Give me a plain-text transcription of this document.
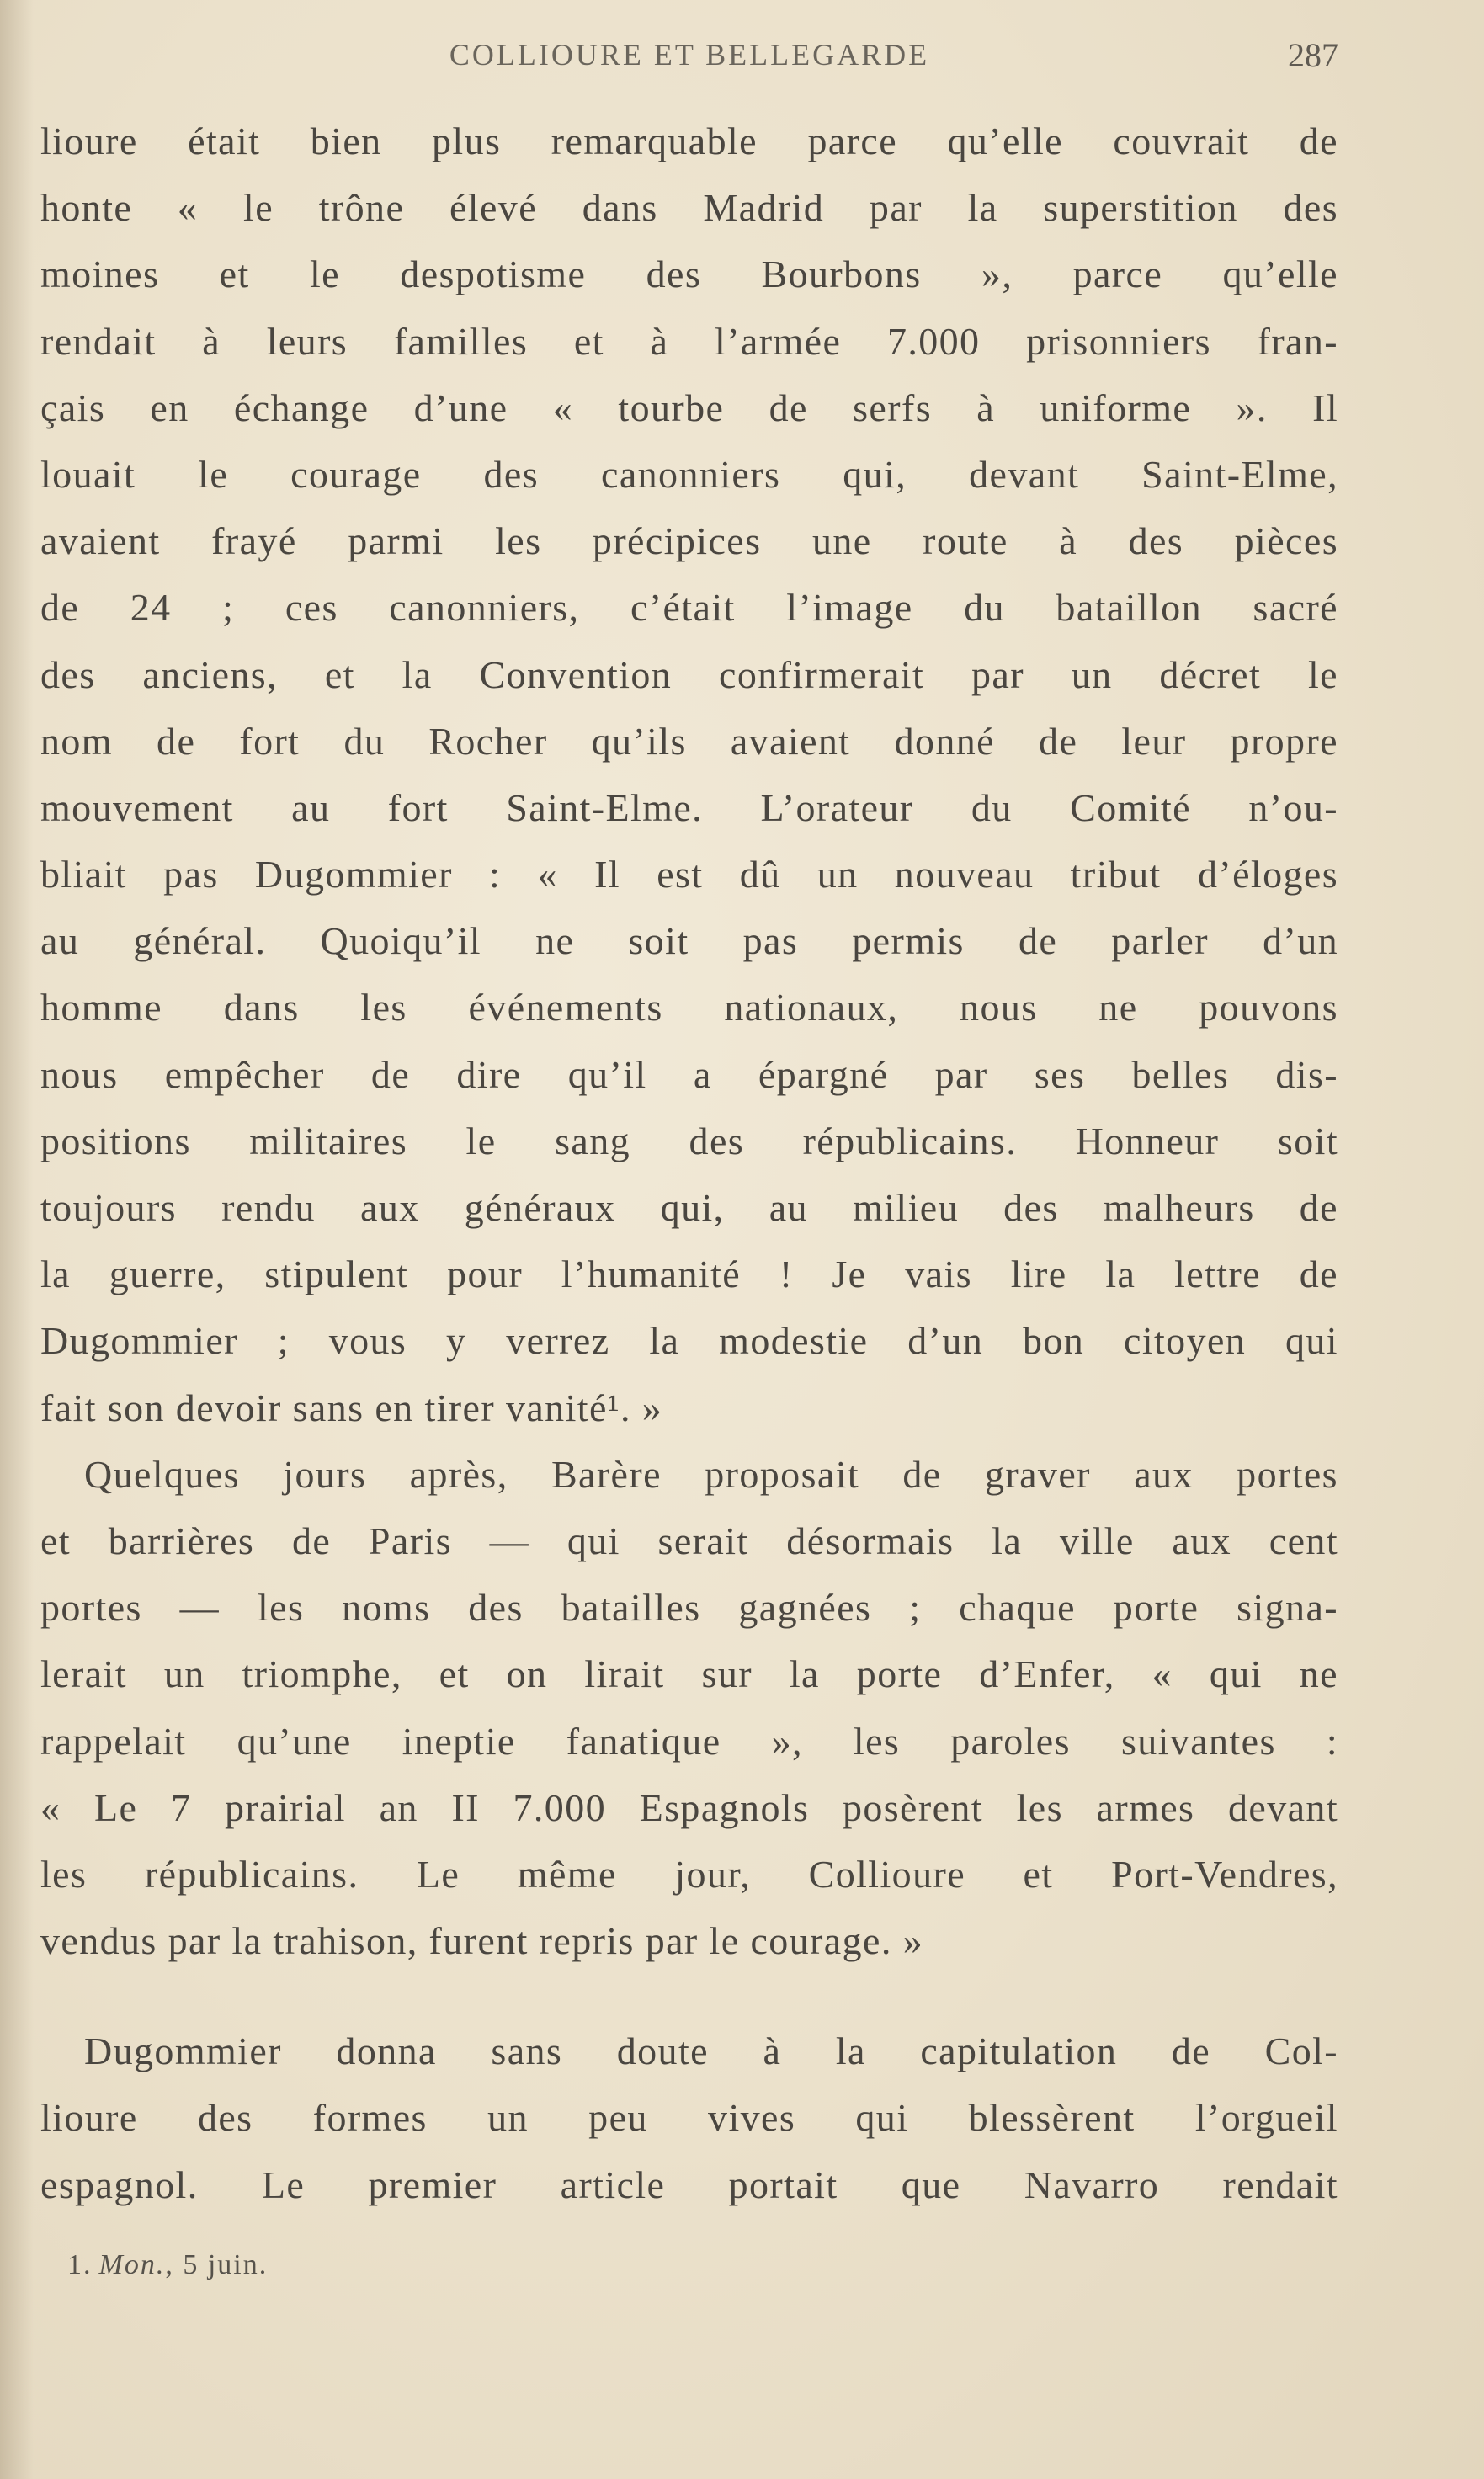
COLLIOURE ET BELLEGARDE	287
lioure était bien plus remarquable parce qu’elle couvrait de
honte « le trône élevé dans Madrid par la superstition des
moines et le despotisme des Bourbons », parce qu’elle
rendait à leurs familles et à l’armée 7.000 prisonniers fran-
çais en échange d’une « tourbe de serfs à uniforme ». Il
louait le courage des canonniers qui, devant Saint-Elme,
avaient frayé parmi les précipices une route à des pièces
de 24 ; ces canonniers, c’était l’image du bataillon sacré
des anciens, et la Convention confirmerait par un décret le
nom de fort du Rocher qu’ils avaient donné de leur propre
mouvement au fort Saint-Elme. L’orateur du Comité n’ou-
bliait pas Dugommier : « Il est dû un nouveau tribut d’éloges
au général. Quoiqu’il ne soit pas permis de parler d’un
homme dans les événements nationaux, nous ne pouvons
nous empêcher de dire qu’il a épargné par ses belles dis-
positions militaires le sang des républicains. Honneur soit
toujours rendu aux généraux qui, au milieu des malheurs de
la guerre, stipulent pour l’humanité ! Je vais lire la lettre de
Dugommier ; vous y verrez la modestie d’un bon citoyen qui
fait son devoir sans en tirer vanité¹. »
Quelques jours après, Barère proposait de graver aux portes
et barrières de Paris — qui serait désormais la ville aux cent
portes — les noms des batailles gagnées ; chaque porte signa-
lerait un triomphe, et on lirait sur la porte d’Enfer, « qui ne
rappelait qu’une ineptie fanatique », les paroles suivantes :
« Le 7 prairial an II 7.000 Espagnols posèrent les armes devant
les républicains. Le même jour, Collioure et Port-Vendres,
vendus par la trahison, furent repris par le courage. »
Dugommier donna sans doute à la capitulation de Col-
lioure des formes un peu vives qui blessèrent l’orgueil
espagnol. Le premier article portait que Navarro rendait
1. Mon., 5 juin.
